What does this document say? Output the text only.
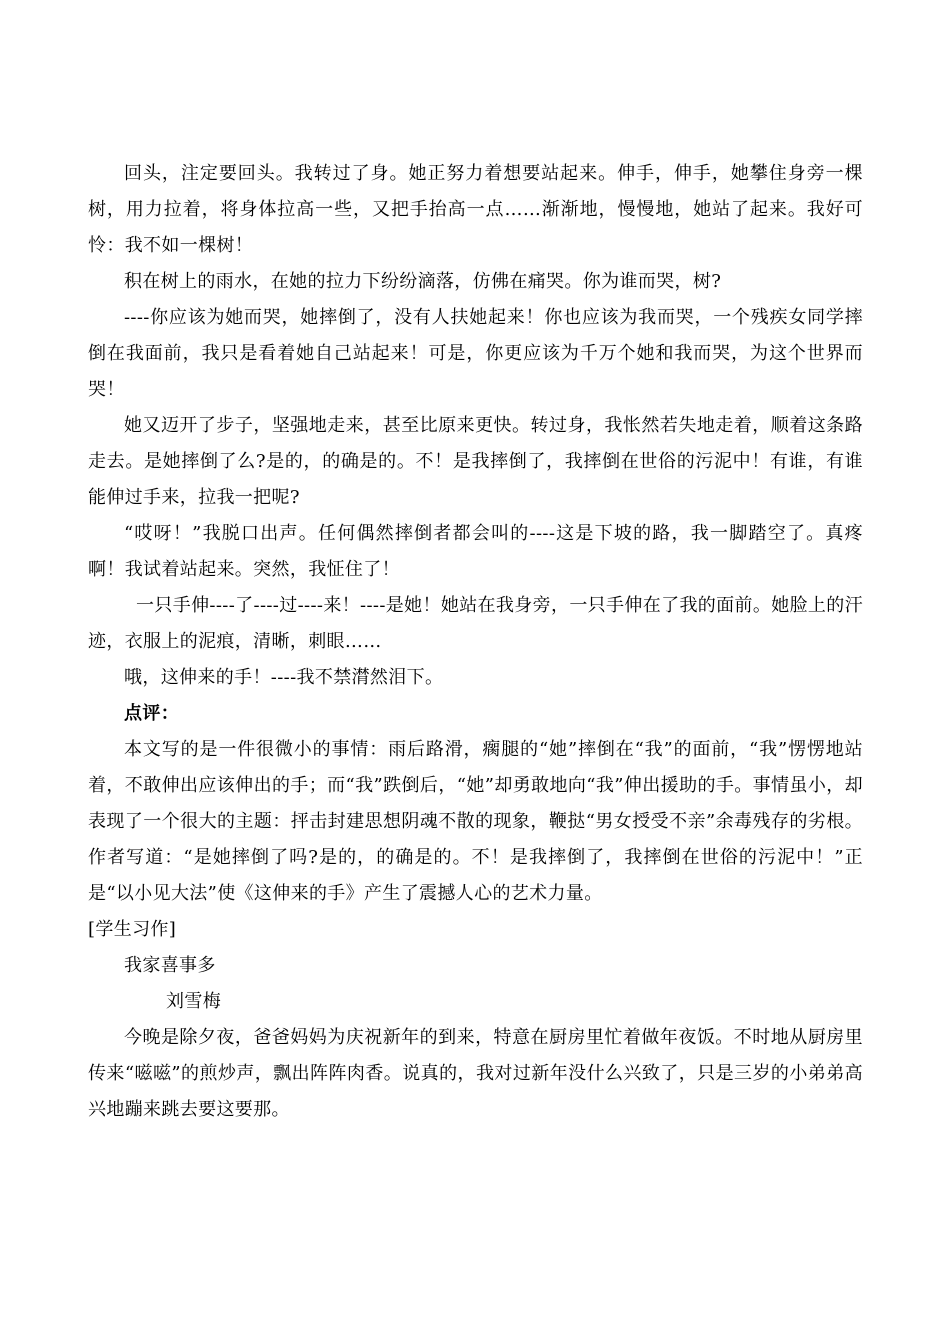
回头，注定要回头。我转过了身。她正努力着想要站起来。伸手，伸手，她攀住身旁一棵树，用力拉着，将身体拉高一些，又把手抬高一点……渐渐地，慢慢地，她站了起来。我好可怜：我不如一棵树！

积在树上的雨水，在她的拉力下纷纷滴落，仿佛在痛哭。你为谁而哭，树?

----你应该为她而哭，她摔倒了，没有人扶她起来！你也应该为我而哭，一个残疾女同学摔倒在我面前，我只是看着她自己站起来！可是，你更应该为千万个她和我而哭，为这个世界而哭！

她又迈开了步子，坚强地走来，甚至比原来更快。转过身，我怅然若失地走着，顺着这条路走去。是她摔倒了么?是的，的确是的。不！是我摔倒了，我摔倒在世俗的污泥中！有谁，有谁能伸过手来，拉我一把呢?

“哎呀！”我脱口出声。任何偶然摔倒者都会叫的----这是下坡的路，我一脚踏空了。真疼啊！我试着站起来。突然，我怔住了！

一只手伸----了----过----来！----是她！她站在我身旁，一只手伸在了我的面前。她脸上的汗迹，衣服上的泥痕，清晰，刺眼……

哦，这伸来的手！----我不禁潸然泪下。

点评：

本文写的是一件很微小的事情：雨后路滑，瘸腿的“她”摔倒在“我”的面前，“我”愣愣地站着，不敢伸出应该伸出的手；而“我”跌倒后，“她”却勇敢地向“我”伸出援助的手。事情虽小，却表现了一个很大的主题：抨击封建思想阴魂不散的现象，鞭挞“男女授受不亲”余毒残存的劣根。作者写道：“是她摔倒了吗?是的，的确是的。不！是我摔倒了，我摔倒在世俗的污泥中！”正是“以小见大法”使《这伸来的手》产生了震撼人心的艺术力量。

[学生习作]

我家喜事多

刘雪梅

今晚是除夕夜，爸爸妈妈为庆祝新年的到来，特意在厨房里忙着做年夜饭。不时地从厨房里传来“嗞嗞”的煎炒声，飘出阵阵肉香。说真的，我对过新年没什么兴致了，只是三岁的小弟弟高兴地蹦来跳去要这要那。
